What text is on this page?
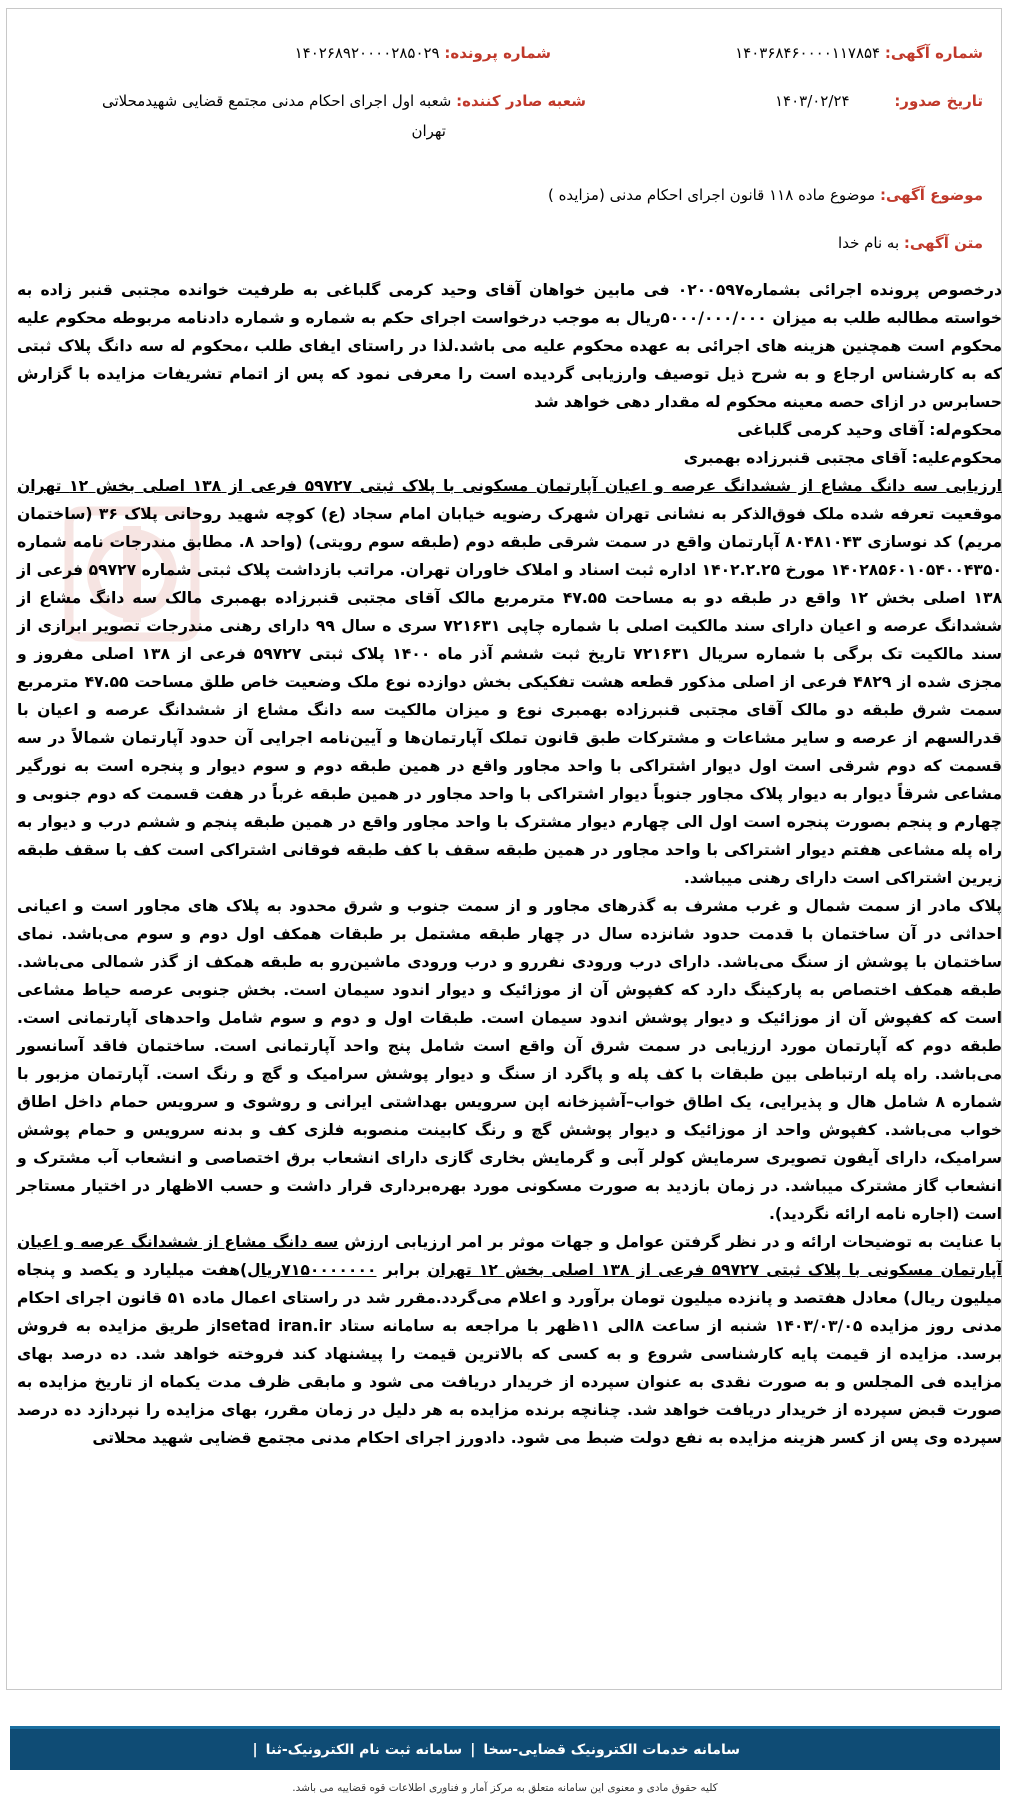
شماره آگهی: ۱۴۰۳۶۸۴۶۰۰۰۰۱۱۷۸۵۴
شماره پرونده: ۱۴۰۲۶۸۹۲۰۰۰۰۲۸۵۰۲۹
تاریخ صدور: ۱۴۰۳/۰۲/۲۴
شعبه صادر کننده: شعبه اول اجرای احکام مدنی مجتمع قضایی شهیدمحلاتی
تهران
موضوع آگهی: موضوع ماده ۱۱۸ قانون اجرای احکام مدنی (مزایده )
متن آگهی: به نام خدا

درخصوص پرونده اجرائی بشماره۰۲۰۰۵۹۷ فی مابین خواهان آقای وحید کرمی گلباغی به طرفیت خوانده مجتبی قنبر زاده به خواسته مطالبه طلب به میزان ۵۰۰۰/۰۰۰/۰۰۰ریال به موجب درخواست اجرای حکم به شماره و شماره دادنامه مربوطه محکوم علیه محکوم است همچنین هزینه های اجرائی به عهده محکوم علیه می باشد.لذا در راستای ایفای طلب ،محکوم له سه دانگ پلاک ثبتی که به کارشناس ارجاع و به شرح ذیل توصیف وارزیابی گردیده است را معرفی نمود که پس از اتمام تشریفات مزایده با گزارش حسابرس در ازای حصه معینه محکوم له مقدار دهی خواهد شد

محکوم‌له: آقای وحید کرمی گلباغی

محکوم‌علیه: آقای مجتبی قنبرزاده بهمبری

ارزیابی سه دانگ مشاع از ششدانگ عرصه و اعیان آپارتمان مسکونی با پلاک ثبتی ۵۹۷۲۷ فرعی از ۱۳۸ اصلی بخش ۱۲ تهران موقعیت تعرفه شده ملک فوق‌الذکر به نشانی تهران شهرک رضویه خیابان امام سجاد (ع) کوچه شهید روحانی پلاک ۳۶ (ساختمان مریم) کد نوسازی ۸۰۴۸۱۰۴۳ آپارتمان واقع در سمت شرقی طبقه دوم (طبقه سوم رویتی) (واحد ۸. مطابق مندرجات نامه شماره ۱۴۰۲۸۵۶۰۱۰۵۴۰۰۴۳۵۰ مورخ ۱۴۰۲.۲.۲۵ اداره ثبت اسناد و املاک خاوران تهران. مراتب بازداشت پلاک ثبتی شماره ۵۹۷۲۷ فرعی از ۱۳۸ اصلی بخش ۱۲ واقع در طبقه دو به مساحت ۴۷.۵۵ مترمربع مالک آقای مجتبی قنبرزاده بهمبری مالک سه دانگ مشاع از ششدانگ عرصه و اعیان دارای سند مالکیت اصلی با شماره چاپی ۷۲۱۶۳۱ سری ه سال ۹۹ دارای رهنی مندرجات تصویر ابرازی از سند مالکیت تک برگی با شماره سریال ۷۲۱۶۳۱ تاریخ ثبت ششم آذر ماه ۱۴۰۰ پلاک ثبتی ۵۹۷۲۷ فرعی از ۱۳۸ اصلی مفروز و مجزی شده از ۴۸۲۹ فرعی از اصلی مذکور قطعه هشت تفکیکی بخش دوازده نوع ملک وضعیت خاص طلق مساحت ۴۷.۵۵ مترمربع سمت شرق طبقه دو مالک آقای مجتبی قنبرزاده بهمبری نوع و میزان مالکیت سه دانگ مشاع از ششدانگ عرصه و اعیان با قدرالسهم از عرصه و سایر مشاعات و مشترکات طبق قانون تملک آپارتمان‌ها و آیین‌نامه اجرایی آن حدود آپارتمان شمالاً در سه قسمت که دوم شرقی است اول دیوار اشتراکی با واحد مجاور واقع در همین طبقه دوم و سوم دیوار و پنجره است به نورگیر مشاعی شرقاً دیوار به دیوار پلاک مجاور جنوباً دیوار اشتراکی با واحد مجاور در همین طبقه غرباً در هفت قسمت که دوم جنوبی و چهارم و پنجم بصورت پنجره است اول الی چهارم دیوار مشترک با واحد مجاور واقع در همین طبقه پنجم و ششم درب و دیوار به راه پله مشاعی هفتم دیوار اشتراکی با واحد مجاور در همین طبقه سقف با کف طبقه فوقانی اشتراکی است کف با سقف طبقه زیرین اشتراکی است دارای رهنی میباشد.

پلاک مادر از سمت شمال و غرب مشرف به گذرهای مجاور و از سمت جنوب و شرق محدود به پلاک های مجاور است و اعیانی احداثی در آن ساختمان با قدمت حدود شانزده سال در چهار طبقه مشتمل بر طبقات همکف اول دوم و سوم می‌باشد. نمای ساختمان با پوشش از سنگ می‌باشد. دارای درب ورودی نفررو و درب ورودی ماشین‌رو به طبقه همکف از گذر شمالی می‌باشد. طبقه همکف اختصاص به پارکینگ دارد که کفپوش آن از موزائیک و دیوار اندود سیمان است. بخش جنوبی عرصه حیاط مشاعی است که کفپوش آن از موزائیک و دیوار پوشش اندود سیمان است. طبقات اول و دوم و سوم شامل واحدهای آپارتمانی است. طبقه دوم که آپارتمان مورد ارزیابی در سمت شرق آن واقع است شامل پنج واحد آپارتمانی است. ساختمان فاقد آسانسور می‌باشد. راه پله ارتباطی بین طبقات با کف پله و پاگرد از سنگ و دیوار پوشش سرامیک و گچ و رنگ است. آپارتمان مزبور با شماره ۸ شامل هال و پذیرایی، یک اطاق خواب–آشپزخانه اپن سرویس بهداشتی ایرانی و روشوی و سرویس حمام داخل اطاق خواب می‌باشد. کفپوش واحد از موزائیک و دیوار پوشش گچ و رنگ کابینت منصوبه فلزی کف و بدنه سرویس و حمام پوشش سرامیک، دارای آیفون تصویری سرمایش کولر آبی و گرمایش بخاری گازی دارای انشعاب برق اختصاصی و انشعاب آب مشترک و انشعاب گاز مشترک میباشد. در زمان بازدید به صورت مسکونی مورد بهره‌برداری قرار داشت و حسب الاظهار در اختیار مستاجر است (اجاره نامه ارائه نگردید).

با عنایت به توضیحات ارائه و در نظر گرفتن عوامل و جهات موثر بر امر ارزیابی ارزش سه دانگ مشاع از ششدانگ عرصه و اعیان آپارتمان مسکونی با پلاک ثبتی ۵۹۷۲۷ فرعی از ۱۳۸ اصلی بخش ۱۲ تهران برابر ۷۱۵۰۰۰۰۰۰۰ریال)هفت میلیارد و یکصد و پنجاه میلیون ریال) معادل هفتصد و پانزده میلیون تومان برآورد و اعلام می‌گردد.مقرر شد در راستای اعمال ماده ۵۱ قانون اجرای احکام مدنی روز مزایده ۱۴۰۳/۰۳/۰۵ شنبه از ساعت ۸الی ۱۱ظهر با مراجعه به سامانه ستاد setad iran.irاز طریق مزایده به فروش برسد. مزایده از قیمت پایه کارشناسی شروع و به کسی که بالاترین قیمت را پیشنهاد کند فروخته خواهد شد. ده درصد بهای مزایده فی المجلس و به صورت نقدی به عنوان سپرده از خریدار دریافت می شود و مابقی ظرف مدت یکماه از تاریخ مزایده به صورت قبض سپرده از خریدار دریافت خواهد شد. چنانچه برنده مزایده به هر دلیل در زمان مقرر، بهای مزایده را نپردازد ده درصد سپرده وی پس از کسر هزینه مزایده به نفع دولت ضبط می شود. دادورز اجرای احکام مدنی مجتمع قضایی شهید محلاتی

سامانه خدمات الکترونیک قضایی-سخا
|
سامانه ثبت نام الکترونیک-ثنا
|
کلیه حقوق مادی و معنوی این سامانه متعلق به مرکز آمار و فناوری اطلاعات قوه قضاییه می باشد.
